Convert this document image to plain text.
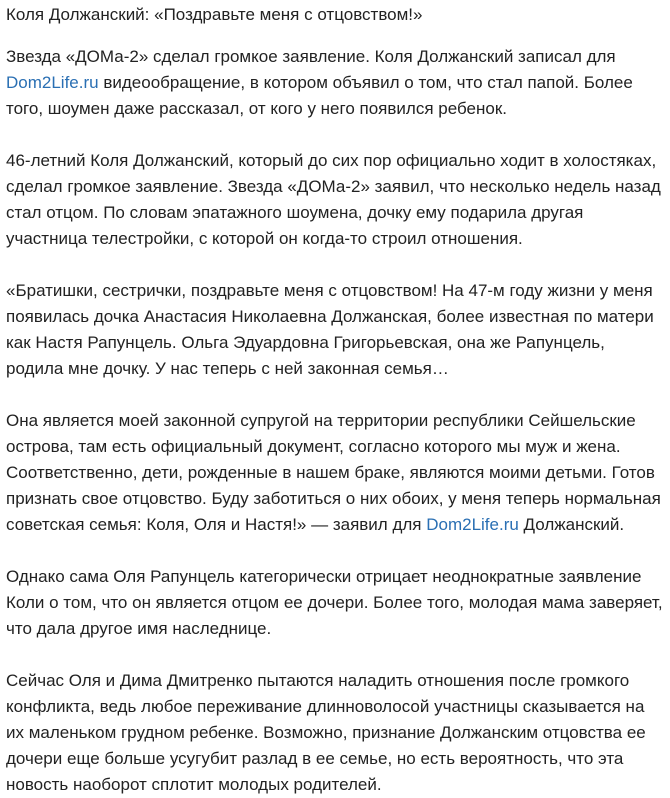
Коля Должанский: «Поздравьте меня с отцовством!»

Звезда «ДОМа-2» сделал громкое заявление. Коля Должанский записал для Dom2Life.ru видеообращение, в котором объявил о том, что стал папой. Более того, шоумен даже рассказал, от кого у него появился ребенок.

46-летний Коля Должанский, который до сих пор официально ходит в холостяках, сделал громкое заявление. Звезда «ДОМа-2» заявил, что несколько недель назад стал отцом. По словам эпатажного шоумена, дочку ему подарила другая участница телестройки, с которой он когда-то строил отношения.

«Братишки, сестрички, поздравьте меня с отцовством! На 47-м году жизни у меня появилась дочка Анастасия Николаевна Должанская, более известная по матери как Настя Рапунцель. Ольга Эдуардовна Григорьевская, она же Рапунцель, родила мне дочку. У нас теперь с ней законная семья…

Она является моей законной супругой на территории республики Сейшельские острова, там есть официальный документ, согласно которого мы муж и жена. Соответственно, дети, рожденные в нашем браке, являются моими детьми. Готов признать свое отцовство. Буду заботиться о них обоих, у меня теперь нормальная советская семья: Коля, Оля и Настя!» — заявил для Dom2Life.ru Должанский.

Однако сама Оля Рапунцель категорически отрицает неоднократные заявление Коли о том, что он является отцом ее дочери. Более того, молодая мама заверяет, что дала другое имя наследнице.

Сейчас Оля и Дима Дмитренко пытаются наладить отношения после громкого конфликта, ведь любое переживание длинноволосой участницы сказывается на их маленьком грудном ребенке. Возможно, признание Должанским отцовства ее дочери еще больше усугубит разлад в ее семье, но есть вероятность, что эта новость наоборот сплотит молодых родителей.
